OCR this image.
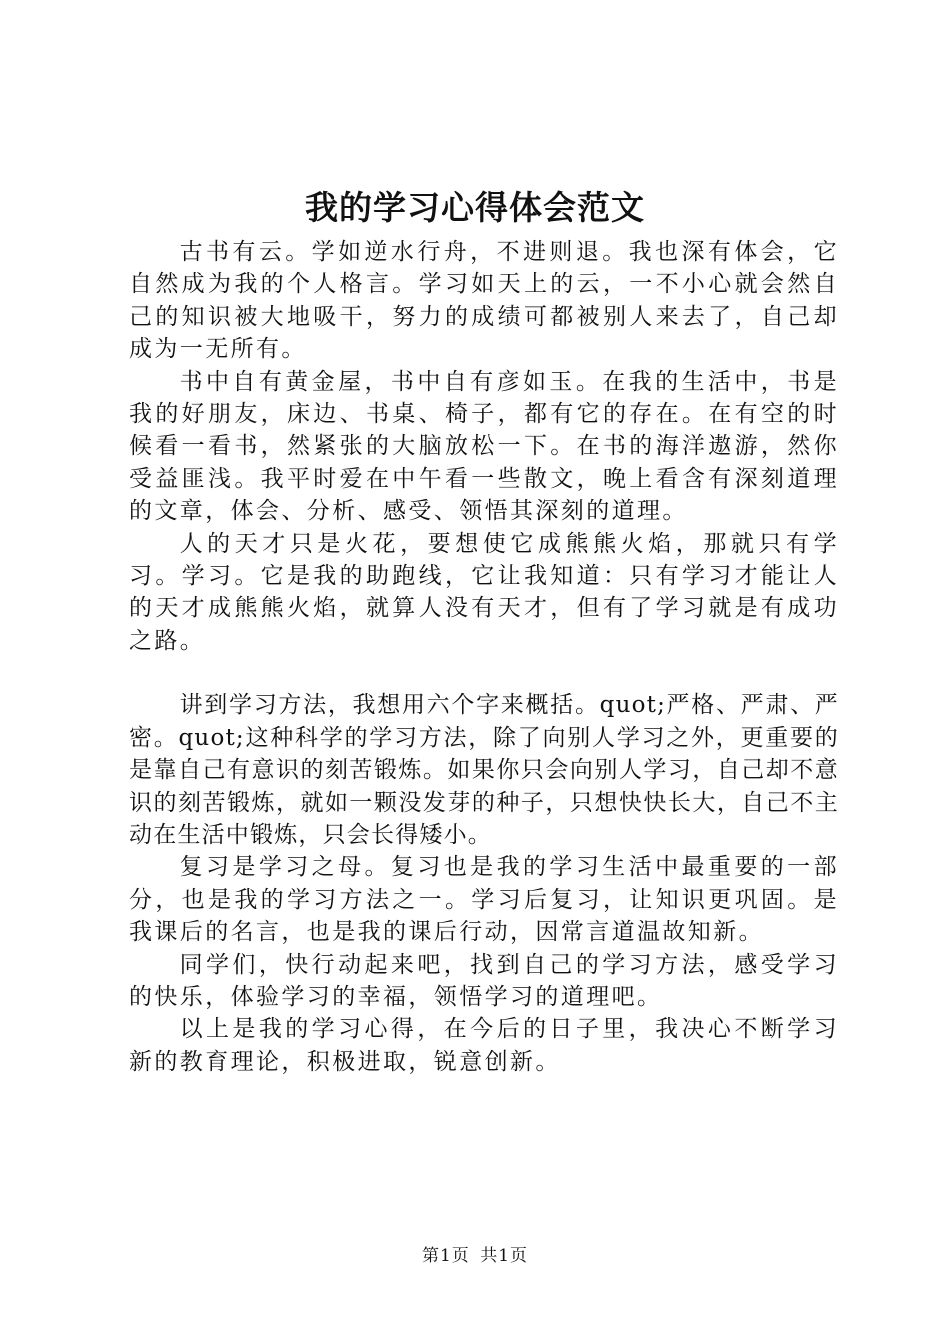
我的学习心得体会范文

古书有云。学如逆水行舟，不进则退。我也深有体会，它自然成为我的个人格言。学习如天上的云，一不小心就会然自己的知识被大地吸干，努力的成绩可都被别人来去了，自己却成为一无所有。

书中自有黄金屋，书中自有彦如玉。在我的生活中，书是我的好朋友，床边、书桌、椅子，都有它的存在。在有空的时候看一看书，然紧张的大脑放松一下。在书的海洋遨游，然你受益匪浅。我平时爱在中午看一些散文，晚上看含有深刻道理的文章，体会、分析、感受、领悟其深刻的道理。

人的天才只是火花，要想使它成熊熊火焰，那就只有学习。学习。它是我的助跑线，它让我知道：只有学习才能让人的天才成熊熊火焰，就算人没有天才，但有了学习就是有成功之路。

讲到学习方法，我想用六个字来概括。quot;严格、严肃、严密。quot;这种科学的学习方法，除了向别人学习之外，更重要的是靠自己有意识的刻苦锻炼。如果你只会向别人学习，自己却不意识的刻苦锻炼，就如一颗没发芽的种子，只想快快长大，自己不主动在生活中锻炼，只会长得矮小。

复习是学习之母。复习也是我的学习生活中最重要的一部分，也是我的学习方法之一。学习后复习，让知识更巩固。是我课后的名言，也是我的课后行动，因常言道温故知新。

同学们，快行动起来吧，找到自己的学习方法，感受学习的快乐，体验学习的幸福，领悟学习的道理吧。

以上是我的学习心得，在今后的日子里，我决心不断学习新的教育理论，积极进取，锐意创新。

第1页 共1页
